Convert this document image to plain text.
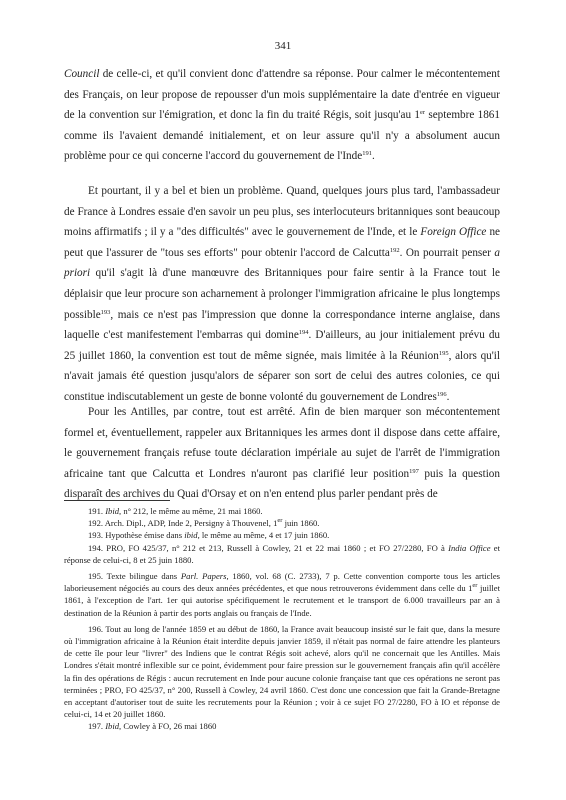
341

Council de celle-ci, et qu'il convient donc d'attendre sa réponse. Pour calmer le mécontentement des Français, on leur propose de repousser d'un mois supplémentaire la date d'entrée en vigueur de la convention sur l'émigration, et donc la fin du traité Régis, soit jusqu'au 1er septembre 1861 comme ils l'avaient demandé initialement, et on leur assure qu'il n'y a absolument aucun problème pour ce qui concerne l'accord du gouvernement de l'Inde$^{191}$.

Et pourtant, il y a bel et bien un problème. Quand, quelques jours plus tard, l'ambassadeur de France à Londres essaie d'en savoir un peu plus, ses interlocuteurs britanniques sont beaucoup moins affirmatifs ; il y a "des difficultés" avec le gouvernement de l'Inde, et le Foreign Office ne peut que l'assurer de "tous ses efforts" pour obtenir l'accord de Calcutta$^{192}$. On pourrait penser a priori qu'il s'agit là d'une manœuvre des Britanniques pour faire sentir à la France tout le déplaisir que leur procure son acharnement à prolonger l'immigration africaine le plus longtemps possible$^{193}$, mais ce n'est pas l'impression que donne la correspondance interne anglaise, dans laquelle c'est manifestement l'embarras qui domine$^{194}$. D'ailleurs, au jour initialement prévu du 25 juillet 1860, la convention est tout de même signée, mais limitée à la Réunion$^{195}$, alors qu'il n'avait jamais été question jusqu'alors de séparer son sort de celui des autres colonies, ce qui constitue indiscutablement un geste de bonne volonté du gouvernement de Londres$^{196}$.

Pour les Antilles, par contre, tout est arrêté. Afin de bien marquer son mécontentement formel et, éventuellement, rappeler aux Britanniques les armes dont il dispose dans cette affaire, le gouvernement français refuse toute déclaration impériale au sujet de l'arrêt de l'immigration africaine tant que Calcutta et Londres n'auront pas clarifié leur position$^{197}$ puis la question disparaît des archives du Quai d'Orsay et on n'en entend plus parler pendant près de

191. Ibid, n° 212, le même au même, 21 mai 1860.

192. Arch. Dipl., ADP, Inde 2, Persigny à Thouvenel, 1er juin 1860.

193. Hypothèse émise dans ibid, le même au même, 4 et 17 juin 1860.

194. PRO, FO 425/37, n° 212 et 213, Russell à Cowley, 21 et 22 mai 1860 ; et FO 27/2280, FO à India Office et réponse de celui-ci, 8 et 25 juin 1880.

195. Texte bilingue dans Parl. Papers, 1860, vol. 68 (C. 2733), 7 p. Cette convention comporte tous les articles laborieusement négociés au cours des deux années précédentes, et que nous retrouverons évidemment dans celle du 1er juillet 1861, à l'exception de l'art. 1er qui autorise spécifiquement le recrutement et le transport de 6.000 travailleurs par an à destination de la Réunion à partir des ports anglais ou français de l'Inde.

196. Tout au long de l'année 1859 et au début de 1860, la France avait beaucoup insisté sur le fait que, dans la mesure où l'immigration africaine à la Réunion était interdite depuis janvier 1859, il n'était pas normal de faire attendre les planteurs de cette île pour leur "livrer" des Indiens que le contrat Régis soit achevé, alors qu'il ne concernait que les Antilles. Mais Londres s'était montré inflexible sur ce point, évidemment pour faire pression sur le gouvernement français afin qu'il accélère la fin des opérations de Régis : aucun recrutement en Inde pour aucune colonie française tant que ces opérations ne seront pas terminées ; PRO, FO 425/37, n° 200, Russell à Cowley, 24 avril 1860. C'est donc une concession que fait la Grande-Bretagne en acceptant d'autoriser tout de suite les recrutements pour la Réunion ; voir à ce sujet FO 27/2280, FO à IO et réponse de celui-ci, 14 et 20 juillet 1860.

197. Ibid, Cowley à FO, 26 mai 1860
